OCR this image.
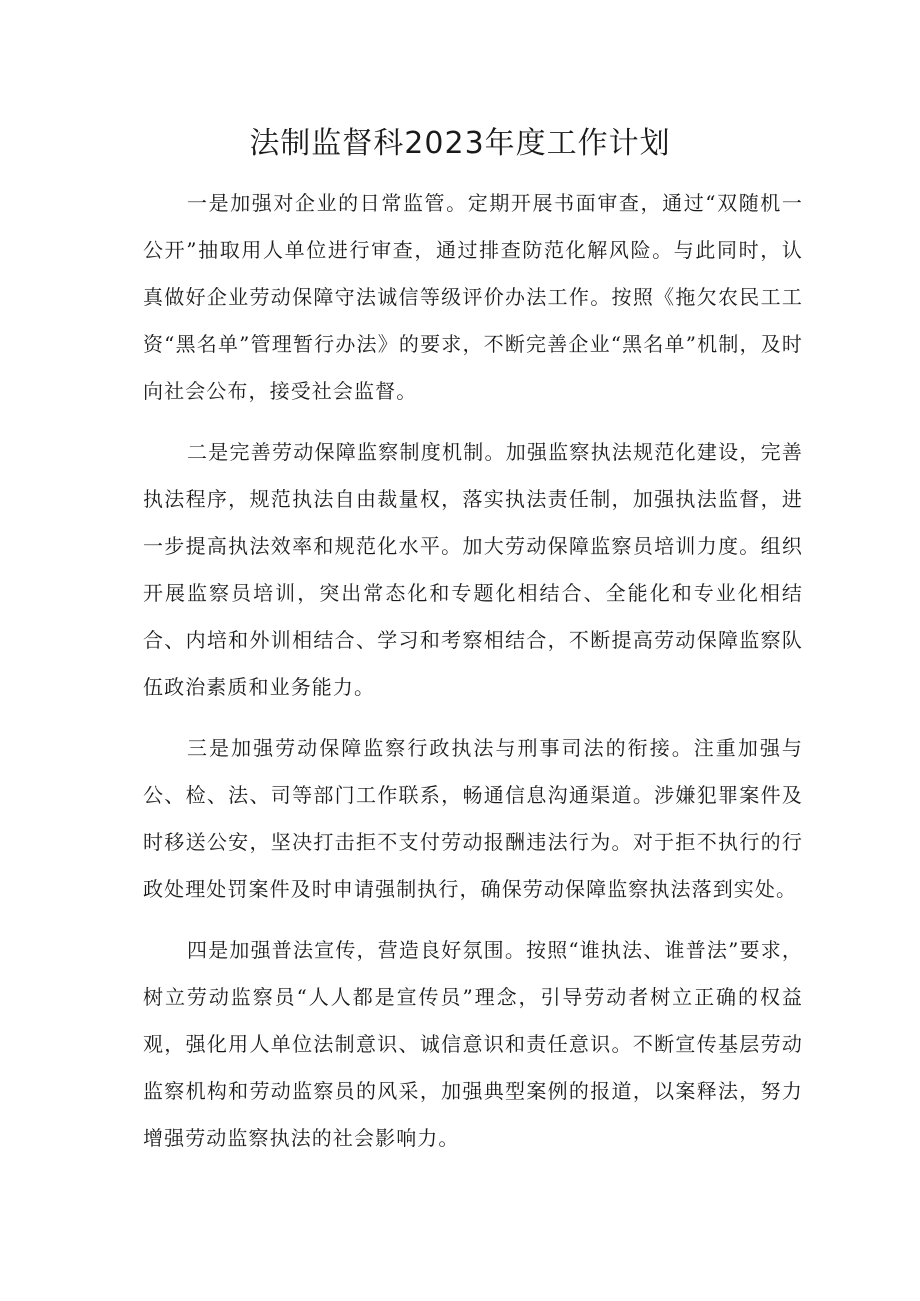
法制监督科2023年度工作计划

一是加强对企业的日常监管。定期开展书面审查，通过“双随机一公开”抽取用人单位进行审查，通过排查防范化解风险。与此同时，认真做好企业劳动保障守法诚信等级评价办法工作。按照《拖欠农民工工资“黑名单”管理暂行办法》的要求，不断完善企业“黑名单”机制，及时向社会公布，接受社会监督。

二是完善劳动保障监察制度机制。加强监察执法规范化建设，完善执法程序，规范执法自由裁量权，落实执法责任制，加强执法监督，进一步提高执法效率和规范化水平。加大劳动保障监察员培训力度。组织开展监察员培训，突出常态化和专题化相结合、全能化和专业化相结合、内培和外训相结合、学习和考察相结合，不断提高劳动保障监察队伍政治素质和业务能力。

三是加强劳动保障监察行政执法与刑事司法的衔接。注重加强与公、检、法、司等部门工作联系，畅通信息沟通渠道。涉嫌犯罪案件及时移送公安，坚决打击拒不支付劳动报酬违法行为。对于拒不执行的行政处理处罚案件及时申请强制执行，确保劳动保障监察执法落到实处。

四是加强普法宣传，营造良好氛围。按照“谁执法、谁普法”要求，树立劳动监察员“人人都是宣传员”理念，引导劳动者树立正确的权益观，强化用人单位法制意识、诚信意识和责任意识。不断宣传基层劳动监察机构和劳动监察员的风采，加强典型案例的报道，以案释法，努力增强劳动监察执法的社会影响力。
